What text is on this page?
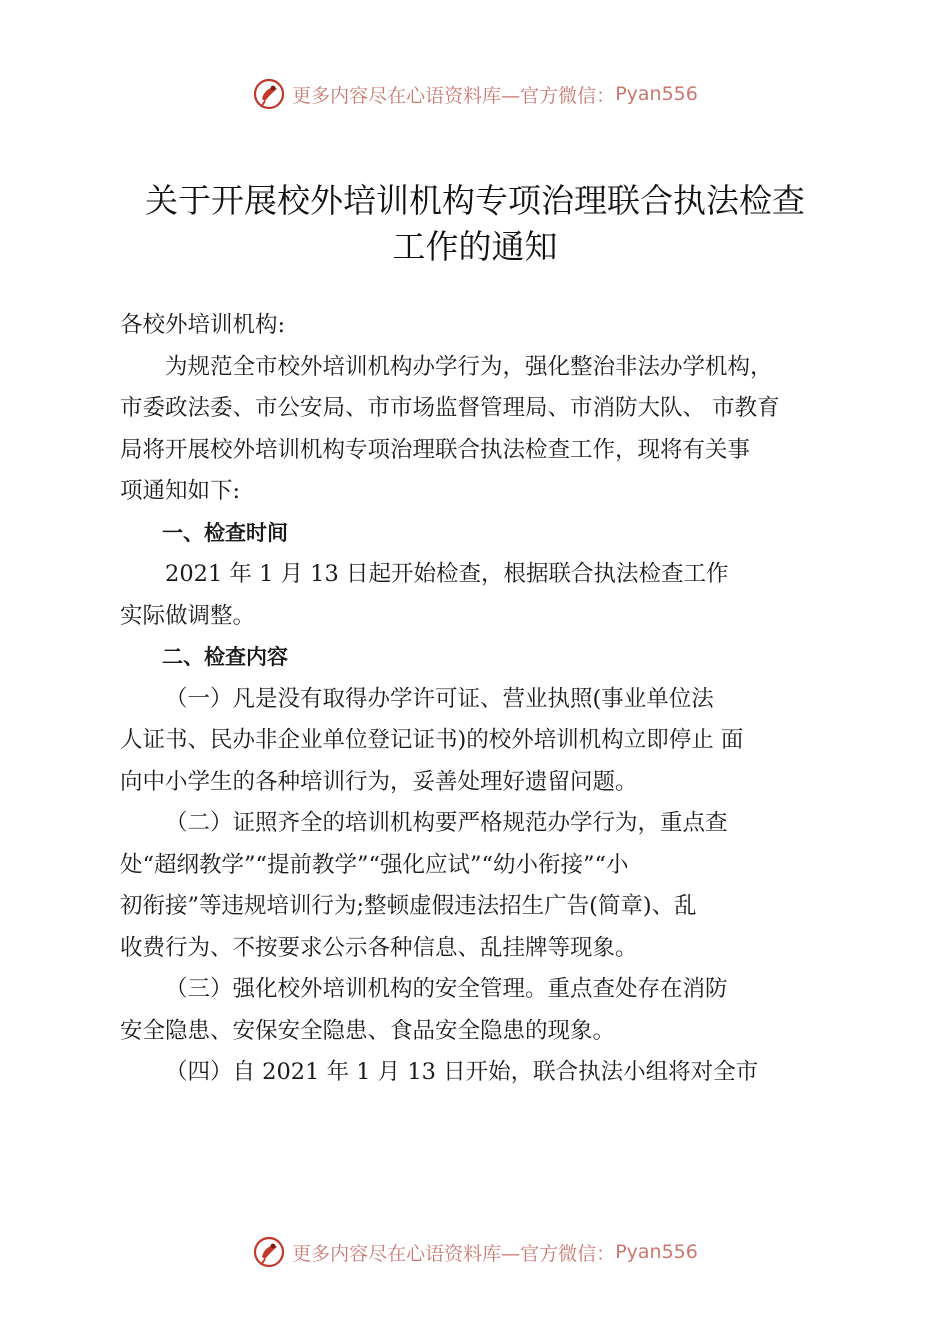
更多内容尽在心语资料库 —官方微信： Pyan556
关于开展校外培训机构专项治理联合执法检查
工作的通知

各校外培训机构:

为规范全市校外培训机构办学行为，强化整治非法办学机构，

市委政法委、市公安局、市市场监督管理局、市消防大队、 市教育

局将开展校外培训机构专项治理联合执法检查工作，现将有关事

项通知如下:

一、检查时间

2021 年 1 月 13 日起开始检查，根据联合执法检查工作

实际做调整。

二、检查内容

（一）凡是没有取得办学许可证、营业执照(事业单位法

人证书、民办非企业单位登记证书)的校外培训机构立即停止 面

向中小学生的各种培训行为，妥善处理好遗留问题。

（二）证照齐全的培训机构要严格规范办学行为，重点查

处“超纲教学”“提前教学”“强化应试”“幼小衔接”“小

初衔接”等违规培训行为;整顿虚假违法招生广告(简章)、乱

收费行为、不按要求公示各种信息、乱挂牌等现象。

（三）强化校外培训机构的安全管理。重点查处存在消防

安全隐患、安保安全隐患、食品安全隐患的现象。

（四）自 2021 年 1 月 13 日开始，联合执法小组将对全市

更多内容尽在心语资料库 —官方微信： Pyan556
